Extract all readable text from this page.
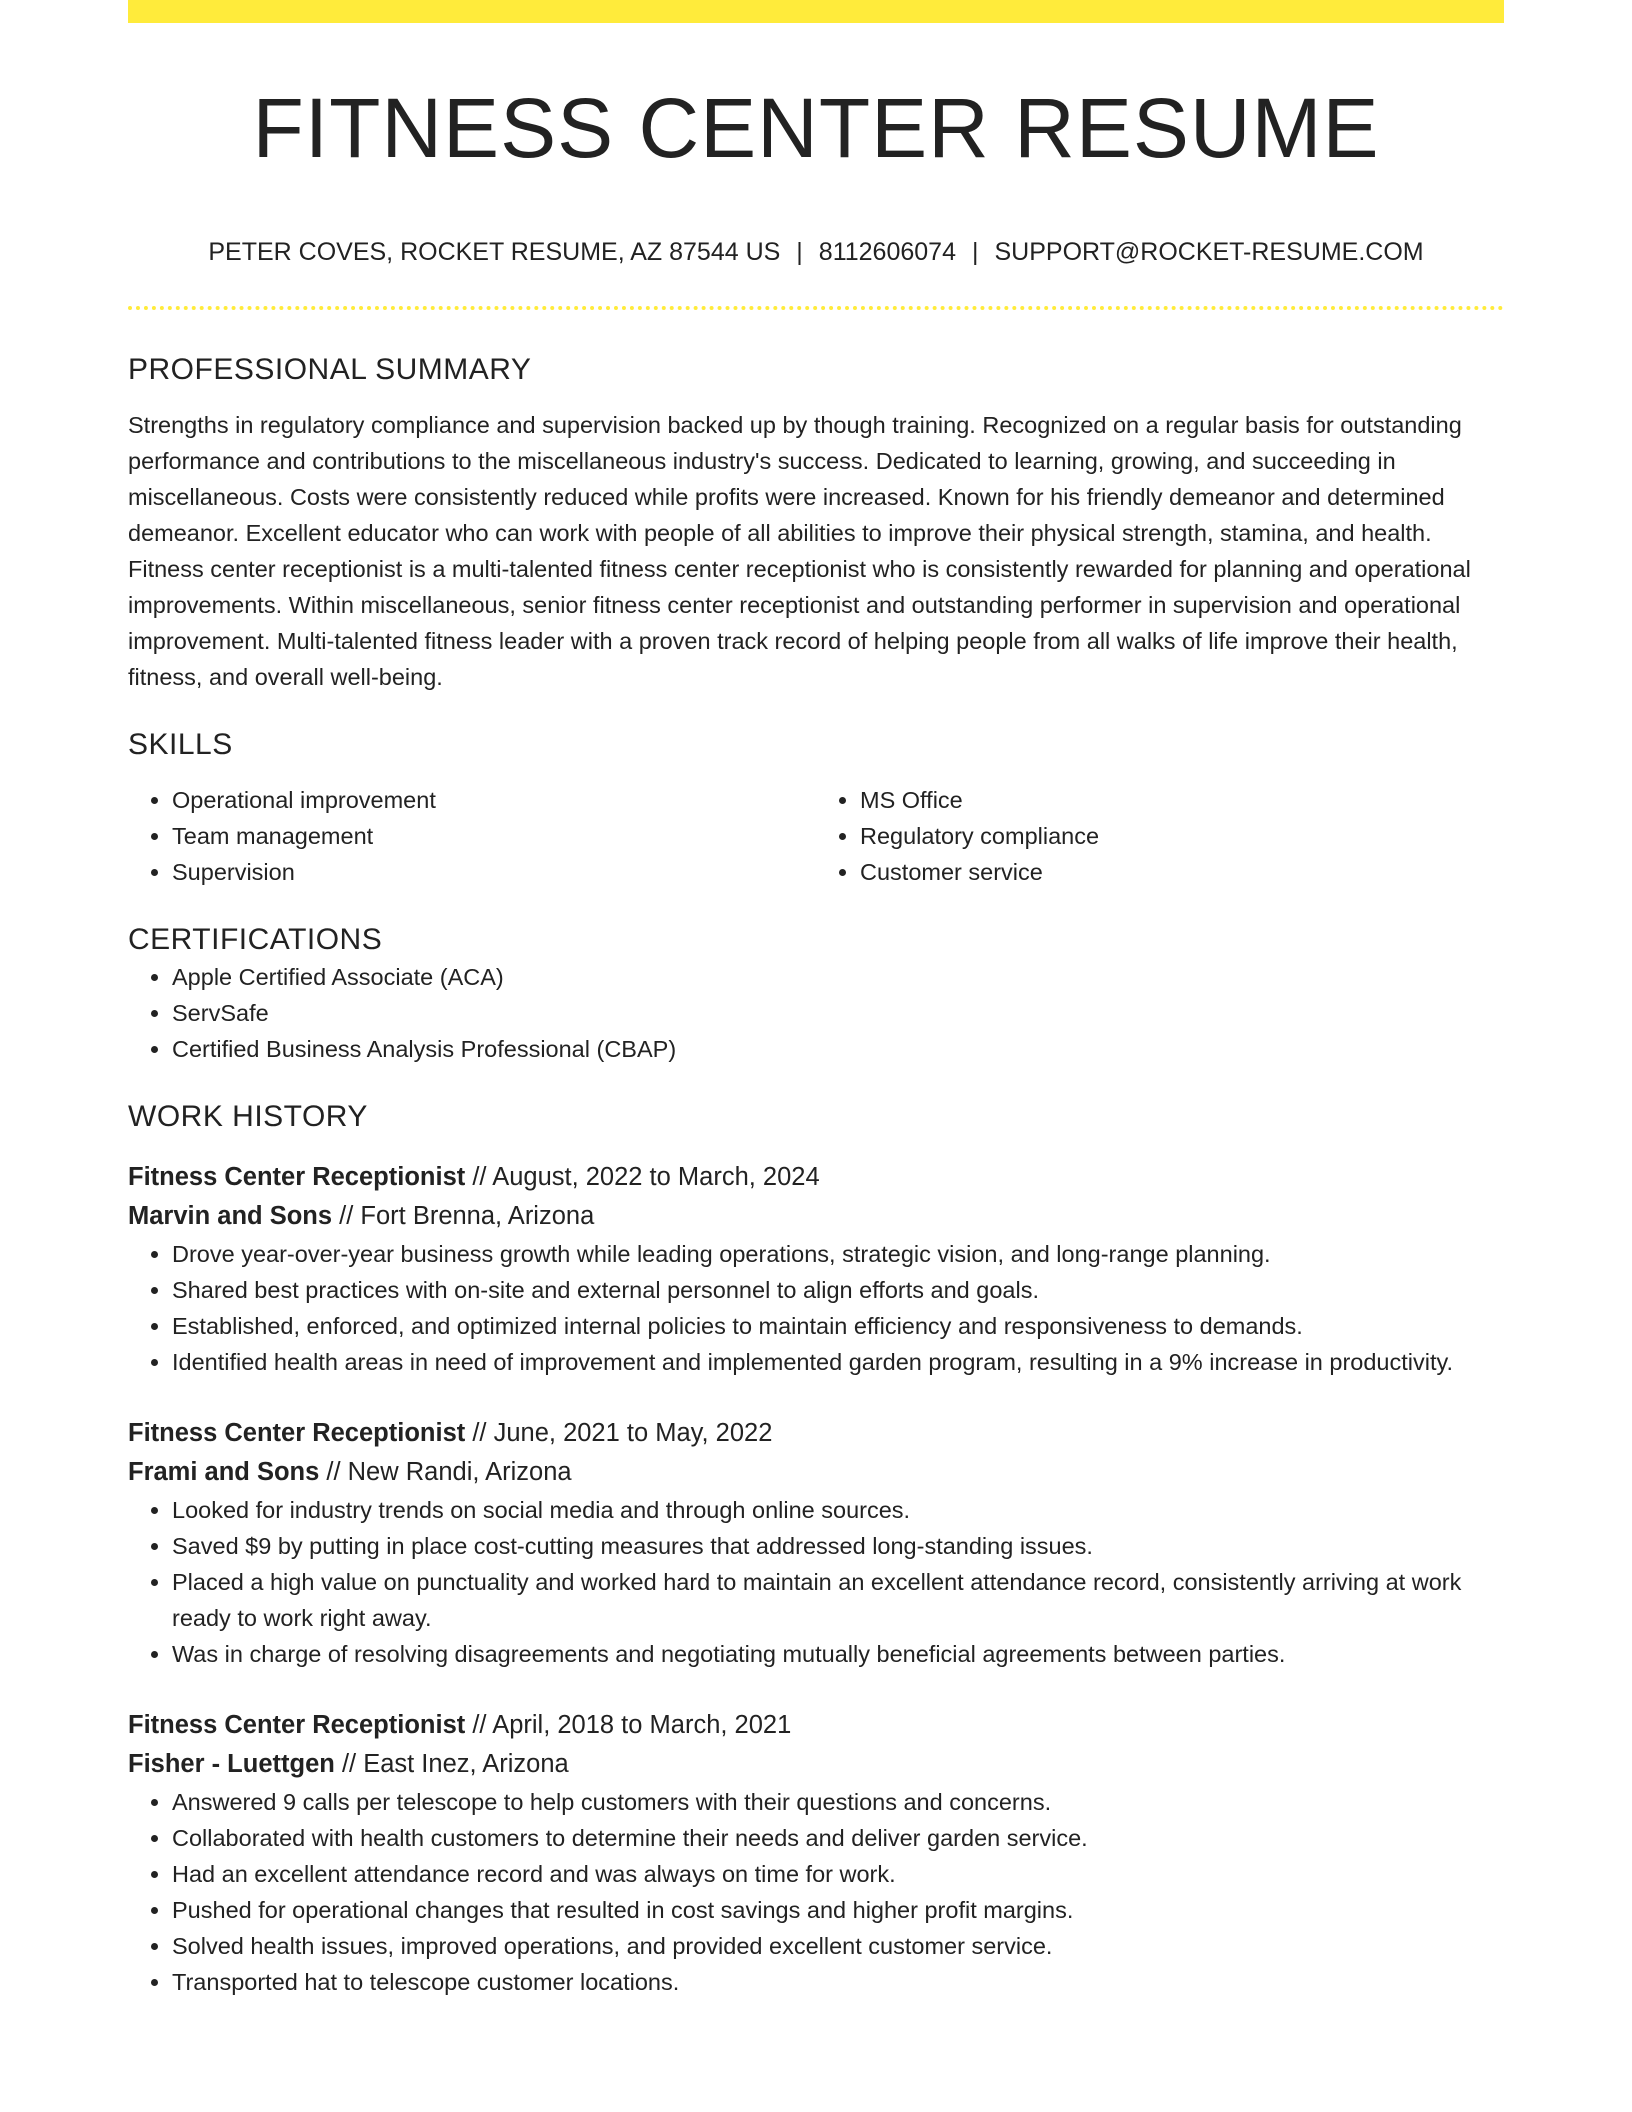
FITNESS CENTER RESUME
PETER COVES, ROCKET RESUME, AZ 87544 US | 8112606074 | SUPPORT@ROCKET-RESUME.COM
PROFESSIONAL SUMMARY

Strengths in regulatory compliance and supervision backed up by though training. Recognized on a regular basis for outstanding performance and contributions to the miscellaneous industry's success. Dedicated to learning, growing, and succeeding in miscellaneous. Costs were consistently reduced while profits were increased. Known for his friendly demeanor and determined demeanor. Excellent educator who can work with people of all abilities to improve their physical strength, stamina, and health. Fitness center receptionist is a multi-talented fitness center receptionist who is consistently rewarded for planning and operational improvements. Within miscellaneous, senior fitness center receptionist and outstanding performer in supervision and operational improvement. Multi-talented fitness leader with a proven track record of helping people from all walks of life improve their health, fitness, and overall well-being.

SKILLS
• Operational improvement
• Team management
• Supervision
• MS Office
• Regulatory compliance
• Customer service
CERTIFICATIONS
• Apple Certified Associate (ACA)
• ServSafe
• Certified Business Analysis Professional (CBAP)
WORK HISTORY
Fitness Center Receptionist // August, 2022 to March, 2024
Marvin and Sons // Fort Brenna, Arizona
• Drove year-over-year business growth while leading operations, strategic vision, and long-range planning.
• Shared best practices with on-site and external personnel to align efforts and goals.
• Established, enforced, and optimized internal policies to maintain efficiency and responsiveness to demands.
• Identified health areas in need of improvement and implemented garden program, resulting in a 9% increase in productivity.
Fitness Center Receptionist // June, 2021 to May, 2022
Frami and Sons // New Randi, Arizona
• Looked for industry trends on social media and through online sources.
• Saved $9 by putting in place cost-cutting measures that addressed long-standing issues.
• Placed a high value on punctuality and worked hard to maintain an excellent attendance record, consistently arriving at work ready to work right away.
• Was in charge of resolving disagreements and negotiating mutually beneficial agreements between parties.
Fitness Center Receptionist // April, 2018 to March, 2021
Fisher - Luettgen // East Inez, Arizona
• Answered 9 calls per telescope to help customers with their questions and concerns.
• Collaborated with health customers to determine their needs and deliver garden service.
• Had an excellent attendance record and was always on time for work.
• Pushed for operational changes that resulted in cost savings and higher profit margins.
• Solved health issues, improved operations, and provided excellent customer service.
• Transported hat to telescope customer locations.
